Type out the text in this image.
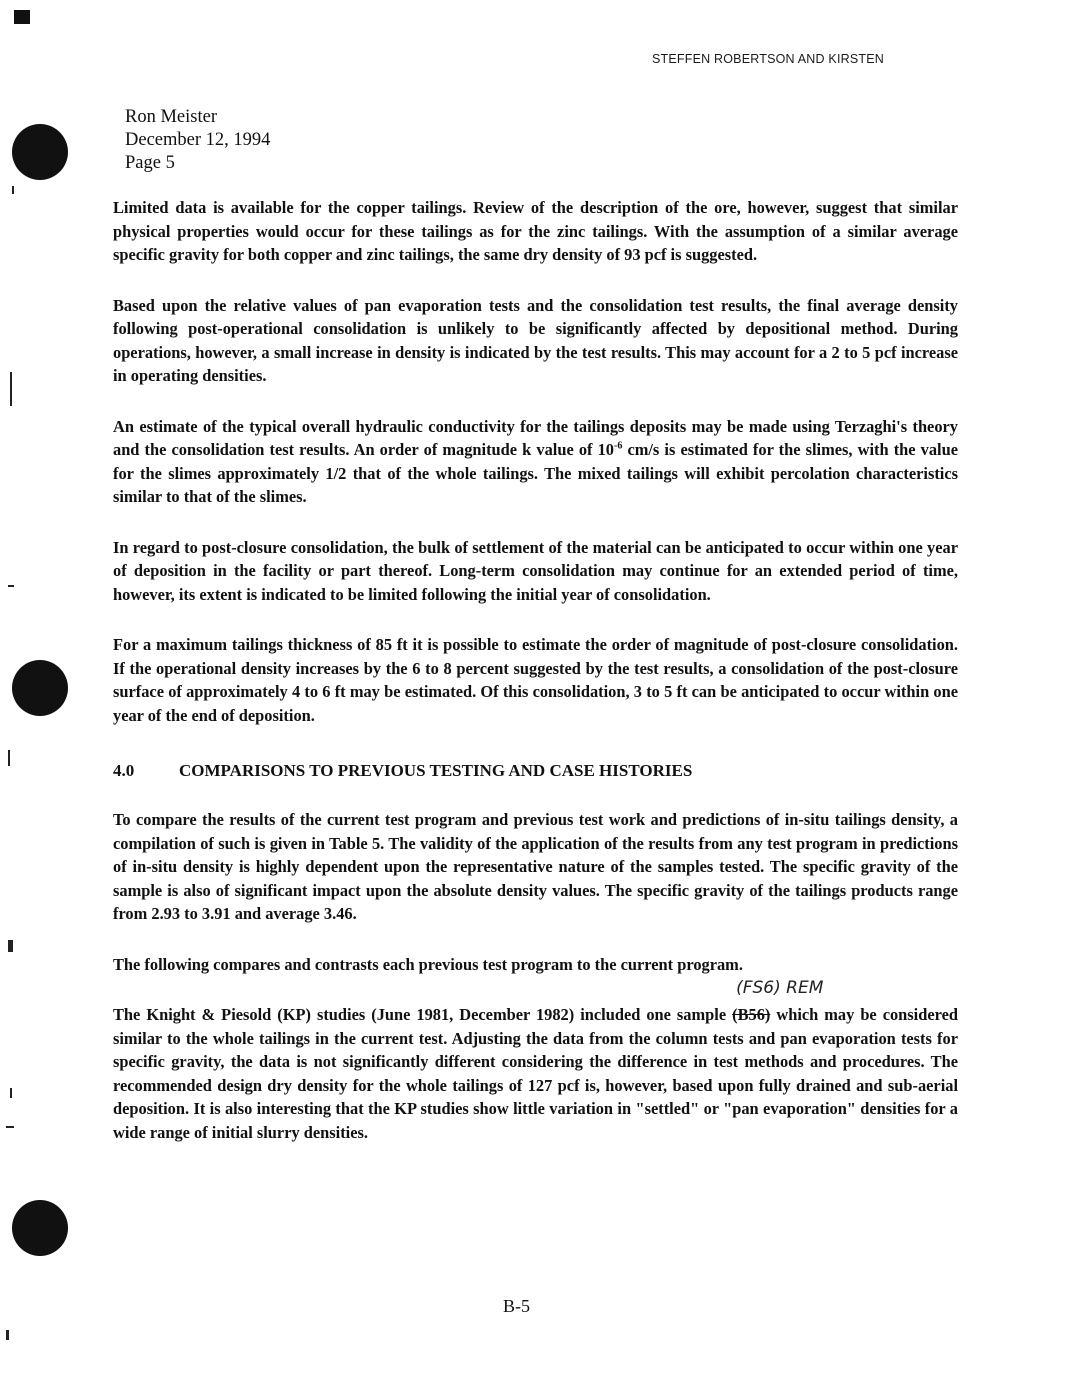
STEFFEN ROBERTSON AND KIRSTEN
Ron Meister
December 12, 1994
Page 5

Limited data is available for the copper tailings. Review of the description of the ore, however, suggest that similar physical properties would occur for these tailings as for the zinc tailings. With the assumption of a similar average specific gravity for both copper and zinc tailings, the same dry density of 93 pcf is suggested.

Based upon the relative values of pan evaporation tests and the consolidation test results, the final average density following post-operational consolidation is unlikely to be significantly affected by depositional method. During operations, however, a small increase in density is indicated by the test results. This may account for a 2 to 5 pcf increase in operating densities.

An estimate of the typical overall hydraulic conductivity for the tailings deposits may be made using Terzaghi's theory and the consolidation test results. An order of magnitude k value of $10^{-6}$ cm/s is estimated for the slimes, with the value for the slimes approximately 1/2 that of the whole tailings. The mixed tailings will exhibit percolation characteristics similar to that of the slimes.

In regard to post-closure consolidation, the bulk of settlement of the material can be anticipated to occur within one year of deposition in the facility or part thereof. Long-term consolidation may continue for an extended period of time, however, its extent is indicated to be limited following the initial year of consolidation.

For a maximum tailings thickness of 85 ft it is possible to estimate the order of magnitude of post-closure consolidation. If the operational density increases by the 6 to 8 percent suggested by the test results, a consolidation of the post-closure surface of approximately 4 to 6 ft may be estimated. Of this consolidation, 3 to 5 ft can be anticipated to occur within one year of the end of deposition.

4.0	COMPARISONS TO PREVIOUS TESTING AND CASE HISTORIES

To compare the results of the current test program and previous test work and predictions of in-situ tailings density, a compilation of such is given in Table 5. The validity of the application of the results from any test program in predictions of in-situ density is highly dependent upon the representative nature of the samples tested. The specific gravity of the sample is also of significant impact upon the absolute density values. The specific gravity of the tailings products range from 2.93 to 3.91 and average 3.46.

The following compares and contrasts each previous test program to the current program.

The Knight & Piesold (KP) studies (June 1981, December 1982) included one sample (B56)
(FS6) REM
which may be considered similar to the whole tailings in the current test. Adjusting the data from the column tests and pan evaporation tests for specific gravity, the data is not significantly different considering the difference in test methods and procedures. The recommended design dry density for the whole tailings of 127 pcf is, however, based upon fully drained and sub-aerial deposition. It is also interesting that the KP studies show little variation in "settled" or "pan evaporation" densities for a wide range of initial slurry densities.

B-5
